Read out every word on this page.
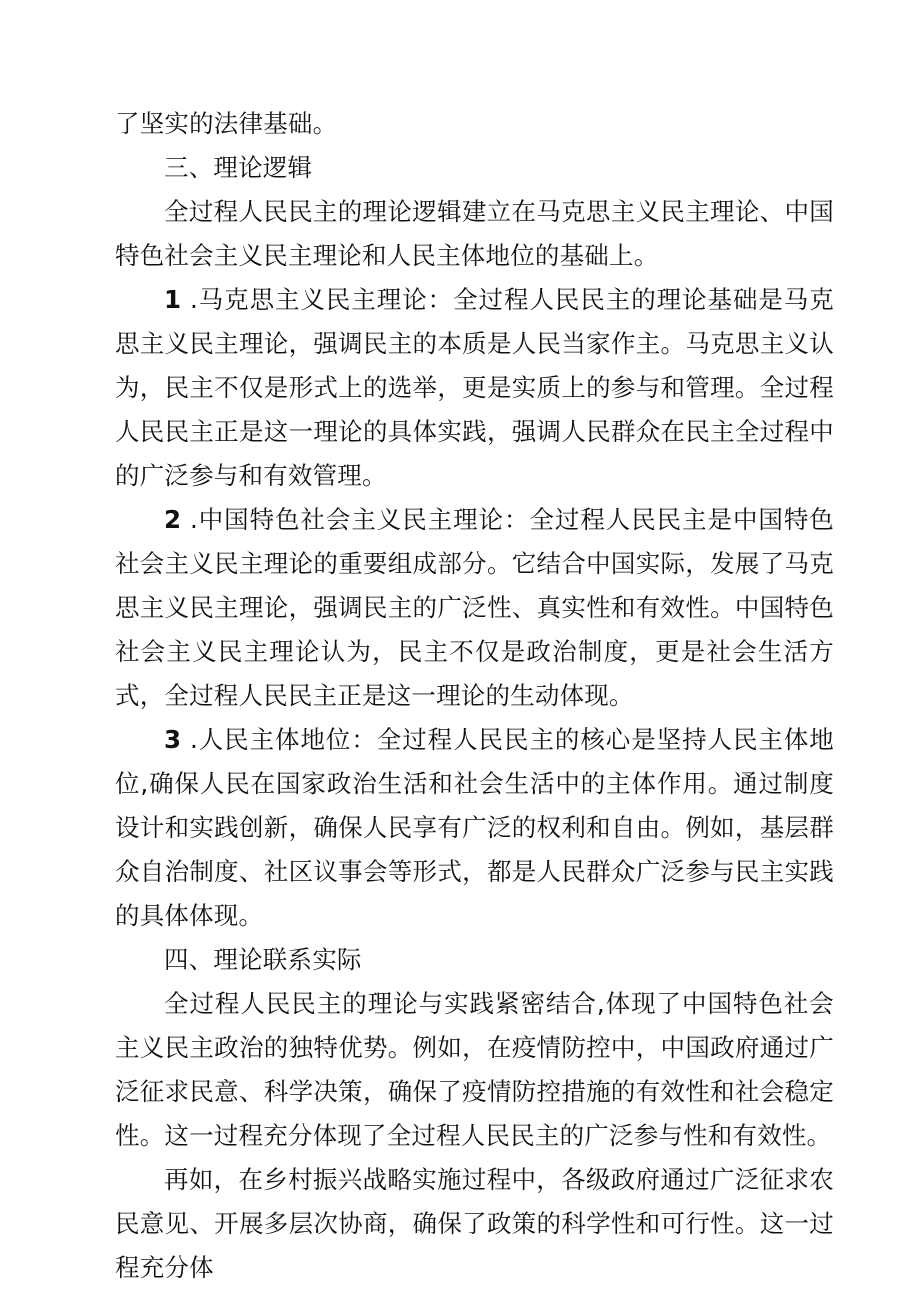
了坚实的法律基础。

三、理论逻辑

全过程人民民主的理论逻辑建立在马克思主义民主理论、中国特色社会主义民主理论和人民主体地位的基础上。

1 .马克思主义民主理论：全过程人民民主的理论基础是马克思主义民主理论，强调民主的本质是人民当家作主。马克思主义认为，民主不仅是形式上的选举，更是实质上的参与和管理。全过程人民民主正是这一理论的具体实践，强调人民群众在民主全过程中的广泛参与和有效管理。

2 .中国特色社会主义民主理论：全过程人民民主是中国特色社会主义民主理论的重要组成部分。它结合中国实际，发展了马克思主义民主理论，强调民主的广泛性、真实性和有效性。中国特色社会主义民主理论认为，民主不仅是政治制度，更是社会生活方式，全过程人民民主正是这一理论的生动体现。

3 .人民主体地位：全过程人民民主的核心是坚持人民主体地位,确保人民在国家政治生活和社会生活中的主体作用。通过制度设计和实践创新，确保人民享有广泛的权利和自由。例如，基层群众自治制度、社区议事会等形式，都是人民群众广泛参与民主实践的具体体现。

四、理论联系实际

全过程人民民主的理论与实践紧密结合,体现了中国特色社会主义民主政治的独特优势。例如，在疫情防控中，中国政府通过广泛征求民意、科学决策，确保了疫情防控措施的有效性和社会稳定性。这一过程充分体现了全过程人民民主的广泛参与性和有效性。

再如，在乡村振兴战略实施过程中，各级政府通过广泛征求农民意见、开展多层次协商，确保了政策的科学性和可行性。这一过程充分体
